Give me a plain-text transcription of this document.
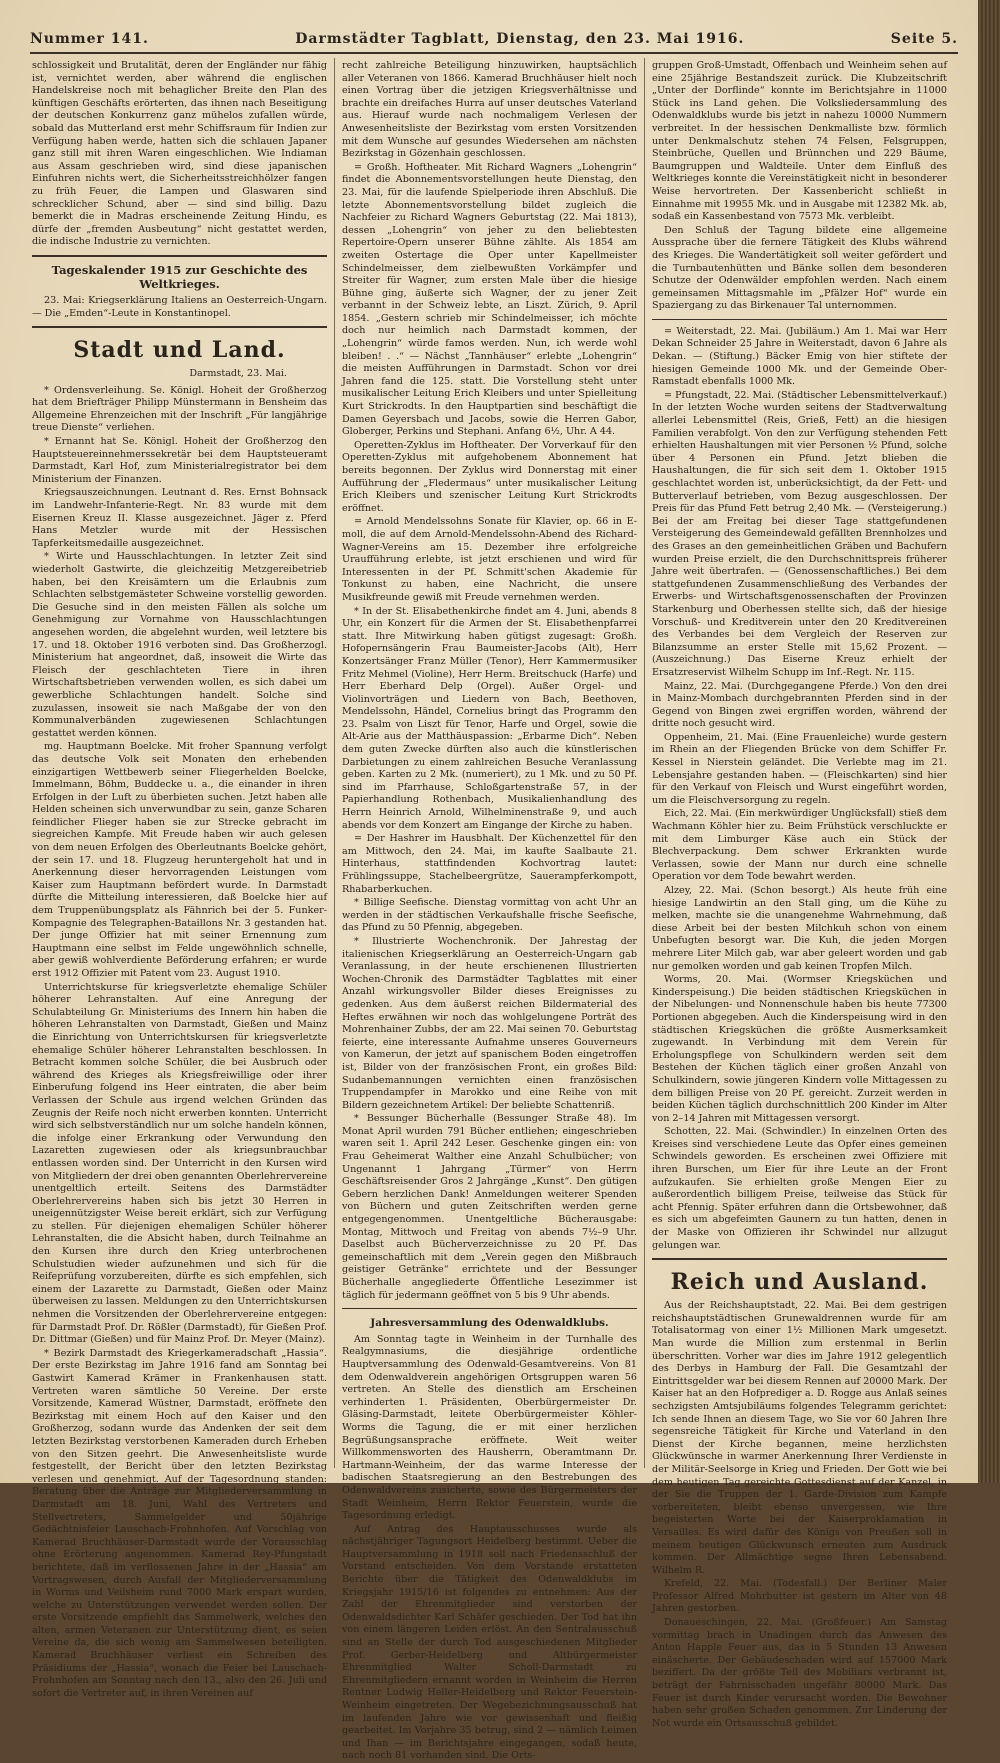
Nummer 141.	Darmstädter Tagblatt, Dienstag, den 23. Mai 1916.	Seite 5.

schlossigkeit und Brutalität, deren der Engländer nur fähig ist, vernichtet werden, aber während die englischen Handelskreise noch mit behaglicher Breite den Plan des künftigen Geschäfts erörterten, das ihnen nach Beseitigung der deutschen Konkurrenz ganz mühelos zufallen würde, sobald das Mutterland erst mehr Schiffsraum für Indien zur Verfügung haben werde, hatten sich die schlauen Japaner ganz still mit ihren Waren eingeschlichen. Wie Indiaman aus Assam geschrieben wird, sind diese japanischen Einfuhren nichts wert, die Sicherheitsstreichhölzer fangen zu früh Feuer, die Lampen und Glaswaren sind schrecklicher Schund, aber — sind sind billig. Dazu bemerkt die in Madras erscheinende Zeitung Hindu, es dürfe der „fremden Ausbeutung“ nicht gestattet werden, die indische Industrie zu vernichten.

Tageskalender 1915 zur Geschichte des Weltkrieges.

23. Mai: Kriegserklärung Italiens an Oesterreich-Ungarn. — Die „Emden“-Leute in Konstantinopel.

Stadt und Land.
Darmstadt, 23. Mai.

* Ordensverleihung. Se. Königl. Hoheit der Großherzog hat dem Briefträger Philipp Münstermann in Bensheim das Allgemeine Ehrenzeichen mit der Inschrift „Für langjährige treue Dienste“ verliehen.

* Ernannt hat Se. Königl. Hoheit der Großherzog den Hauptsteuereinnehmerssekretär bei dem Hauptsteueramt Darmstadt, Karl Hof, zum Ministerialregistrator bei dem Ministerium der Finanzen.

Kriegsauszeichnungen. Leutnant d. Res. Ernst Bohnsack im Landwehr-Infanterie-Regt. Nr. 83 wurde mit dem Eisernen Kreuz II. Klasse ausgezeichnet. Jäger z. Pferd Hans Metzler wurde mit der Hessischen Tapferkeitsmedaille ausgezeichnet.

* Wirte und Hausschlachtungen. In letzter Zeit sind wiederholt Gastwirte, die gleichzeitig Metzgereibetrieb haben, bei den Kreisämtern um die Erlaubnis zum Schlachten selbstgemästeter Schweine vorstellig geworden. Die Gesuche sind in den meisten Fällen als solche um Genehmigung zur Vornahme von Hausschlachtungen angesehen worden, die abgelehnt wurden, weil letztere bis 17. und 18. Oktober 1916 verboten sind. Das Großherzogl. Ministerium hat angeordnet, daß, insoweit die Wirte das Fleisch der geschlachteten Tiere in ihren Wirtschaftsbetrieben verwenden wollen, es sich dabei um gewerbliche Schlachtungen handelt. Solche sind zuzulassen, insoweit sie nach Maßgabe der von den Kommunalverbänden zugewiesenen Schlachtungen gestattet werden können.

mg. Hauptmann Boelcke. Mit froher Spannung verfolgt das deutsche Volk seit Monaten den erhebenden einzigartigen Wettbewerb seiner Fliegerhelden Boelcke, Immelmann, Böhm, Buddecke u. a., die einander in ihren Erfolgen in der Luft zu überbieten suchen. Jetzt haben alle Helden scheinen sich unverwundbar zu sein, ganze Scharen feindlicher Flieger haben sie zur Strecke gebracht im siegreichen Kampfe. Mit Freude haben wir auch gelesen von dem neuen Erfolgen des Oberleutnants Boelcke gehört, der sein 17. und 18. Flugzeug heruntergeholt hat und in Anerkennung dieser hervorragenden Leistungen vom Kaiser zum Hauptmann befördert wurde. In Darmstadt dürfte die Mitteilung interessieren, daß Boelcke hier auf dem Truppenübungsplatz als Fähnrich bei der 5. Funker-Kompagnie des Telegraphen-Bataillons Nr. 3 gestanden hat. Der junge Offizier hat mit seiner Ernennung zum Hauptmann eine selbst im Felde ungewöhnlich schnelle, aber gewiß wohlverdiente Beförderung erfahren; er wurde erst 1912 Offizier mit Patent vom 23. August 1910.

Unterrichtskurse für kriegsverletzte ehemalige Schüler höherer Lehranstalten. Auf eine Anregung der Schulabteilung Gr. Ministeriums des Innern hin haben die höheren Lehranstalten von Darmstadt, Gießen und Mainz die Einrichtung von Unterrichtskursen für kriegsverletzte ehemalige Schüler höherer Lehranstalten beschlossen. In Betracht kommen solche Schüler, die bei Ausbruch oder während des Krieges als Kriegsfreiwillige oder ihrer Einberufung folgend ins Heer eintraten, die aber beim Verlassen der Schule aus irgend welchen Gründen das Zeugnis der Reife noch nicht erwerben konnten. Unterricht wird sich selbstverständlich nur um solche handeln können, die infolge einer Erkrankung oder Verwundung den Lazaretten zugewiesen oder als kriegsunbrauchbar entlassen worden sind. Der Unterricht in den Kursen wird von Mitgliedern der drei oben genannten Oberlehrervereine unentgeltlich erteilt. Seitens des Darmstädter Oberlehrervereins haben sich bis jetzt 30 Herren in uneigennützigster Weise bereit erklärt, sich zur Verfügung zu stellen. Für diejenigen ehemaligen Schüler höherer Lehranstalten, die die Absicht haben, durch Teilnahme an den Kursen ihre durch den Krieg unterbrochenen Schulstudien wieder aufzunehmen und sich für die Reifeprüfung vorzubereiten, dürfte es sich empfehlen, sich einem der Lazarette zu Darmstadt, Gießen oder Mainz überweisen zu lassen. Meldungen zu den Unterrichtskursen nehmen die Vorsitzenden der Oberlehrervereine entgegen: für Darmstadt Prof. Dr. Rößler (Darmstadt), für Gießen Prof. Dr. Dittmar (Gießen) und für Mainz Prof. Dr. Meyer (Mainz).

* Bezirk Darmstadt des Kriegerkameradschaft „Hassia“. Der erste Bezirkstag im Jahre 1916 fand am Sonntag bei Gastwirt Kamerad Krämer in Frankenhausen statt. Vertreten waren sämtliche 50 Vereine. Der erste Vorsitzende, Kamerad Wüstner, Darmstadt, eröffnete den Bezirkstag mit einem Hoch auf den Kaiser und den Großherzog, sodann wurde das Andenken der seit dem letzten Bezirkstag verstorbenen Kameraden durch Erheben von den Sitzen geehrt. Die Anwesenheitsliste wurde festgestellt, der Bericht über den letzten Bezirkstag verlesen und genehmigt. Auf der Tagesordnung standen: Beratung über die Anträge zur Mitgliederversammlung in Darmstadt am 18. Juni, Wahl des Vertreters und Stellvertreters, Sammelgelder und 50jährige Gedächtnisfeier Lauschach-Frohnhofen. Auf Vorschlag von Kamerad Bruchhäuser-Darmstadt wurde der Vorausschlag ohne Erörterung angenommen. Kamerad Rey-Pfungstadt berichtete, daß im verflossenen Jahre in der „Hassia“ am Vortragswesen, durch Ausfall der Mitgliederversammlung in Worms und Veilsheim rund 7000 Mark erspart wurden, welche zu Unterstützungen verwendet werden sollen. Der erste Vorsitzende empfiehlt das Sammelwerk, welches den alten, armen Veteranen zur Unterstützung dient, es seien Vereine da, die sich wenig am Sammelwesen beteiligten. Kamerad Bruchhäuser verliest ein Schreiben des Präsidiums der „Hassia“, wonach die Feier bei Lauschach-Frohnhofen am Sonntag nach den 13., also den 26. Juli und sofort die Vertreter auf, in ihren Vereinen auf

recht zahlreiche Beteiligung hinzuwirken, hauptsächlich aller Veteranen von 1866. Kamerad Bruchhäuser hielt noch einen Vortrag über die jetzigen Kriegsverhältnisse und brachte ein dreifaches Hurra auf unser deutsches Vaterland aus. Hierauf wurde nach nochmaligem Verlesen der Anwesenheitsliste der Bezirkstag vom ersten Vorsitzenden mit dem Wunsche auf gesundes Wiedersehen am nächsten Bezirkstag in Gözenhain geschlossen.

= Großh. Hoftheater. Mit Richard Wagners „Lohengrin“ findet die Abonnementsvorstellungen heute Dienstag, den 23. Mai, für die laufende Spielperiode ihren Abschluß. Die letzte Abonnementsvorstellung bildet zugleich die Nachfeier zu Richard Wagners Geburtstag (22. Mai 1813), dessen „Lohengrin“ von jeher zu den beliebtesten Repertoire-Opern unserer Bühne zählte. Als 1854 am zweiten Ostertage die Oper unter Kapellmeister Schindelmeisser, dem zielbewußten Vorkämpfer und Streiter für Wagner, zum ersten Male über die hiesige Bühne ging, äußerte sich Wagner, der zu jener Zeit verbannt in der Schweiz lebte, an Liszt. Zürich, 9. April 1854. „Gestern schrieb mir Schindelmeisser, ich möchte doch nur heimlich nach Darmstadt kommen, der „Lohengrin“ würde famos werden. Nun, ich werde wohl bleiben! . .“ — Nächst „Tannhäuser“ erlebte „Lohengrin“ die meisten Aufführungen in Darmstadt. Schon vor drei Jahren fand die 125. statt. Die Vorstellung steht unter musikalischer Leitung Erich Kleibers und unter Spielleitung Kurt Strickrodts. In den Hauptpartien sind beschäftigt die Damen Geyersbach und Jacobs, sowie die Herren Gabor, Globerger, Perkins und Stephani. Anfang 6½, Uhr. A 44.

Operetten-Zyklus im Hoftheater. Der Vorverkauf für den Operetten-Zyklus mit aufgehobenem Abonnement hat bereits begonnen. Der Zyklus wird Donnerstag mit einer Aufführung der „Fledermaus“ unter musikalischer Leitung Erich Kleibers und szenischer Leitung Kurt Strickrodts eröffnet.

= Arnold Mendelssohns Sonate für Klavier, op. 66 in E-moll, die auf dem Arnold-Mendelssohn-Abend des Richard-Wagner-Vereins am 15. Dezember ihre erfolgreiche Uraufführung erlebte, ist jetzt erschienen und wird für Interessenten in der Pf. Schmitt'schen Akademie für Tonkunst zu haben, eine Nachricht, die unsere Musikfreunde gewiß mit Freude vernehmen werden.

* In der St. Elisabethenkirche findet am 4. Juni, abends 8 Uhr, ein Konzert für die Armen der St. Elisabethenpfarrei statt. Ihre Mitwirkung haben gütigst zugesagt: Großh. Hofopernsängerin Frau Baumeister-Jacobs (Alt), Herr Konzertsänger Franz Müller (Tenor), Herr Kammermusiker Fritz Mehmel (Violine), Herr Herm. Breitschuck (Harfe) und Herr Eberhard Delp (Orgel). Außer Orgel- und Violinvorträgen und Liedern von Bach, Beethoven, Mendelssohn, Händel, Cornelius bringt das Programm den 23. Psalm von Liszt für Tenor, Harfe und Orgel, sowie die Alt-Arie aus der Matthäuspassion: „Erbarme Dich“. Neben dem guten Zwecke dürften also auch die künstlerischen Darbietungen zu einem zahlreichen Besuche Veranlassung geben. Karten zu 2 Mk. (numeriert), zu 1 Mk. und zu 50 Pf. sind im Pfarrhause, Schloßgartenstraße 57, in der Papierhandlung Rothenbach, Musikalienhandlung des Herrn Heinrich Arnold, Wilhelminenstraße 9, und auch abends vor dem Konzert am Eingange der Kirche zu haben.

= Der Hashrer im Hausbhalt. Der Küchenzettel für den am Mittwoch, den 24. Mai, im kaufte Saalbaute 21. Hinterhaus, stattfindenden Kochvortrag lautet: Frühlingssuppe, Stachelbeergrütze, Sauerampferkompott, Rhabarberkuchen.

* Billige Seefische. Dienstag vormittag von acht Uhr an werden in der städtischen Verkaufshalle frische Seefische, das Pfund zu 50 Pfennig, abgegeben.

* Illustrierte Wochenchronik. Der Jahrestag der italienischen Kriegserklärung an Oesterreich-Ungarn gab Veranlassung, in der heute erschienenen Illustrierten Wochen-Chronik des Darmstädter Tagblattes mit einer Anzahl wirkungsvoller Bilder dieses Ereignisses zu gedenken. Aus dem äußerst reichen Bildermaterial des Heftes erwähnen wir noch das wohlgelungene Porträt des Mohrenhainer Zubbs, der am 22. Mai seinen 70. Geburtstag feierte, eine interessante Aufnahme unseres Gouverneurs von Kamerun, der jetzt auf spanischem Boden eingetroffen ist, Bilder von der französischen Front, ein großes Bild: Sudanbemannungen vernichten einen französischen Truppendampfer in Marokko und eine Reihe von mit Bildern gezeichnetem Artikel: Der beliebte Schattenriß.

* Bessunger Bücherhalle (Bessunger Straße 48). Im Monat April wurden 791 Bücher entliehen; eingeschrieben waren seit 1. April 242 Leser. Geschenke gingen ein: von Frau Geheimerat Walther eine Anzahl Schulbücher; von Ungenannt 1 Jahrgang „Türmer“ von Herrn Geschäftsreisender Gros 2 Jahrgänge „Kunst“. Den gütigen Gebern herzlichen Dank! Anmeldungen weiterer Spenden von Büchern und guten Zeitschriften werden gerne entgegengenommen. Unentgeltliche Bücherausgabe: Montag, Mittwoch und Freitag von abends 7½–9 Uhr. Daselbst auch Bücherverzeichnisse zu 20 Pf. Das gemeinschaftlich mit dem „Verein gegen den Mißbrauch geistiger Getränke“ errichtete und der Bessunger Bücherhalle angegliederte Öffentliche Lesezimmer ist täglich für jedermann geöffnet von 5 bis 9 Uhr abends.

Jahresversammlung des Odenwaldklubs.

Am Sonntag tagte in Weinheim in der Turnhalle des Realgymnasiums, die diesjährige ordentliche Hauptversammlung des Odenwald-Gesamtvereins. Von 81 dem Odenwaldverein angehörigen Ortsgruppen waren 56 vertreten. An Stelle des dienstlich am Erscheinen verhinderten 1. Präsidenten, Oberbürgermeister Dr. Gläsing-Darmstadt, leitete Oberbürgermeister Köhler-Worms die Tagung, die er mit einer herzlichen Begrüßungsansprache eröffnete. Weit weiter Willkommensworten des Hausherrn, Oberamtmann Dr. Hartmann-Weinheim, der das warme Interesse der badischen Staatsregierung an den Bestrebungen des Odenwaldvereins zusicherte, sowie des Bürgermeisters der Stadt Weinheim, Herrn Rektor Feuerstein, wurde die Tagesordnung erledigt.

Auf Antrag des Hauptausschusses wurde als nächstjähriger Tagungsort Heidelberg bestimmt. Ueber die Hauptversammlung in 1918 soll nach Friedensschluß der Vorstand entscheiden. Von dem Vorstande erstatteten Berichte über die Tätigkeit des Odenwaldklubs im Kriegsjahr 1915/16 ist folgendes zu entnehmen: Aus der Zahl der Ehrenmitglieder sind verstorben der Odenwaldsdichter Karl Schäfer geschieden. Der Tod hat ihn von einem längeren Leiden erlöst. An den Sentralausschuß sind an Stelle der durch Tod ausgeschiedenen Mitglieder Prof. Gerber-Heidelberg und Altbürgermeister Ehrenmitglied Walter Scholl-Darmstadt zu Ehrenmitgliedern ernannt worden in Weinheim die Herren Rentner Ludwig Heller-Heidelberg und Rektor Feuerstein-Weinheim eingetreten. Der Wegebezichnungsausschuß hat im laufenden Jahre wie vor gewissenhaft und fleißig gearbeitet. Im Vorjahre 35 betrug, sind 2 — nämlich Leimen und Ihan — im Berichtsjahre eingegangen, sodaß heute, nach noch 81 vorhanden sind. Die Orts-

gruppen Groß-Umstadt, Offenbach und Weinheim sehen auf eine 25jährige Bestandszeit zurück. Die Klubzeitschrift „Unter der Dorflinde“ konnte im Berichtsjahre in 11000 Stück ins Land gehen. Die Volksliedersammlung des Odenwaldklubs wurde bis jetzt in nahezu 10000 Nummern verbreitet. In der hessischen Denkmalliste bzw. förmlich unter Denkmalschutz stehen 74 Felsen, Felsgruppen, Steinbrüche, Quellen und Brünnchen und 229 Bäume, Baumgruppen und Waldteile. Unter dem Einfluß des Weltkrieges konnte die Vereinstätigkeit nicht in besonderer Weise hervortreten. Der Kassenbericht schließt in Einnahme mit 19955 Mk. und in Ausgabe mit 12382 Mk. ab, sodaß ein Kassenbestand von 7573 Mk. verbleibt.

Den Schluß der Tagung bildete eine allgemeine Aussprache über die fernere Tätigkeit des Klubs während des Krieges. Die Wandertätigkeit soll weiter gefördert und die Turnbautenhütten und Bänke sollen dem besonderen Schutze der Odenwälder empfohlen werden. Nach einem gemeinsamen Mittagsmahle im „Pfälzer Hof“ wurde ein Spaziergang zu das Birkenauer Tal unternommen.

= Weiterstadt, 22. Mai. (Jubiläum.) Am 1. Mai war Herr Dekan Schneider 25 Jahre in Weiterstadt, davon 6 Jahre als Dekan. — (Stiftung.) Bäcker Emig von hier stiftete der hiesigen Gemeinde 1000 Mk. und der Gemeinde Ober-Ramstadt ebenfalls 1000 Mk.

= Pfungstadt, 22. Mai. (Städtischer Lebensmittelverkauf.) In der letzten Woche wurden seitens der Stadtverwaltung allerlei Lebensmittel (Reis, Grieß, Fett) an die hiesigen Familien verabfolgt. Von den zur Verfügung stehenden Fett erhielten Haushaltungen mit vier Personen ½ Pfund, solche über 4 Personen ein Pfund. Jetzt blieben die Haushaltungen, die für sich seit dem 1. Oktober 1915 geschlachtet worden ist, unberücksichtigt, da der Fett- und Butterverlauf betrieben, vom Bezug ausgeschlossen. Der Preis für das Pfund Fett betrug 2,40 Mk. — (Versteigerung.) Bei der am Freitag bei dieser Tage stattgefundenen Versteigerung des Gemeindewald gefällten Brennholzes und des Grases an den gemeinheitlichen Gräben und Bachufern wurden Preise erzielt, die den Durchschnittspreis früherer Jahre weit übertrafen. — (Genossenschaftliches.) Bei dem stattgefundenen Zusammenschließung des Verbandes der Erwerbs- und Wirtschaftsgenossenschaften der Provinzen Starkenburg und Oberhessen stellte sich, daß der hiesige Vorschuß- und Kreditverein unter den 20 Kreditvereinen des Verbandes bei dem Vergleich der Reserven zur Bilanzsumme an erster Stelle mit 15,62 Prozent. — (Auszeichnung.) Das Eiserne Kreuz erhielt der Ersatzreservist Wilhelm Schupp im Inf.-Regt. Nr. 115.

Mainz, 22. Mai. (Durchgegangene Pferde.) Von den drei in Mainz-Mombach durchgebrannten Pferden sind in der Gegend von Bingen zwei ergriffen worden, während der dritte noch gesucht wird.

Oppenheim, 21. Mai. (Eine Frauenleiche) wurde gestern im Rhein an der Fliegenden Brücke von dem Schiffer Fr. Kessel in Nierstein geländet. Die Verlebte mag im 21. Lebensjahre gestanden haben. — (Fleischkarten) sind hier für den Verkauf von Fleisch und Wurst eingeführt worden, um die Fleischversorgung zu regeln.

Eich, 22. Mai. (Ein merkwürdiger Unglücksfall) stieß dem Wachmann Köhler hier zu. Beim Frühstück verschluckte er mit dem Limburger Käse auch ein Stück der Blechverpackung. Dem schwer Erkrankten wurde Verlassen, sowie der Mann nur durch eine schnelle Operation vor dem Tode bewahrt werden.

Alzey, 22. Mai. (Schon besorgt.) Als heute früh eine hiesige Landwirtin an den Stall ging, um die Kühe zu melken, machte sie die unangenehme Wahrnehmung, daß diese Arbeit bei der besten Milchkuh schon von einem Unbefugten besorgt war. Die Kuh, die jeden Morgen mehrere Liter Milch gab, war aber geleert worden und gab nur gemolken worden und gab keinen Tropfen Milch.

Worms, 20. Mai. (Wormser Kriegsküchen und Kinderspeisung.) Die beiden städtischen Kriegsküchen in der Nibelungen- und Nonnenschule haben bis heute 77300 Portionen abgegeben. Auch die Kinderspeisung wird in den städtischen Kriegsküchen die größte Ausmerksamkeit zugewandt. In Verbindung mit dem Verein für Erholungspflege von Schulkindern werden seit dem Bestehen der Küchen täglich einer großen Anzahl von Schulkindern, sowie jüngeren Kindern volle Mittagessen zu dem billigen Preise von 20 Pf. gereicht. Zurzeit werden in beiden Küchen täglich durchschnittlich 200 Kinder im Alter von 2–14 Jahren mit Mittagessen versorgt.

Schotten, 22. Mai. (Schwindler.) In einzelnen Orten des Kreises sind verschiedene Leute das Opfer eines gemeinen Schwindels geworden. Es erscheinen zwei Offiziere mit ihren Burschen, um Eier für ihre Leute an der Front aufzukaufen. Sie erhielten große Mengen Eier zu außerordentlich billigem Preise, teilweise das Stück für acht Pfennig. Später erfuhren dann die Ortsbewohner, daß es sich um abgefeimten Gaunern zu tun hatten, denen in der Maske von Offizieren ihr Schwindel nur allzugut gelungen war.

Reich und Ausland.

Aus der Reichshauptstadt, 22. Mai. Bei dem gestrigen reichshauptstädtischen Grunewaldrennen wurde für am Totalisatormag von einer 1½ Millionen Mark umgesetzt. Man wurde die Million zum erstenmal in Berlin überschritten. Vorher war dies im Jahre 1912 gelegentlich des Derbys in Hamburg der Fall. Die Gesamtzahl der Eintrittsgelder war bei diesem Rennen auf 20000 Mark. Der Kaiser hat an den Hofprediger a. D. Rogge aus Anlaß seines sechzigsten Amtsjubiläums folgendes Telegramm gerichtet: Ich sende Ihnen an diesem Tage, wo Sie vor 60 Jahren Ihre segensreiche Tätigkeit für Kirche und Vaterland in den Dienst der Kirche begannen, meine herzlichsten Glückwünsche in warmer Anerkennung Ihrer Verdienste in der Militär-Seelsorge in Krieg und Frieden. Der Gott wie bei dem heutigen Tag gereichte Gottesdienst auf der Kanzel, in der Sie die Truppen der 1. Garde-Division zum Kampfe vorbereiteten, bleibt ebenso unvergessen, wie Ihre begeisterten Worte bei der Kaiserproklamation in Versailles. Es wird dafür des Königs von Preußen soll in meinem heutigen Glückwunsch erneuten zum Ausdruck kommen. Der Allmächtige segne Ihren Lebensabend. Wilhelm R.

Krefeld, 22. Mai. (Todesfall.) Der Berliner Maler Professor Alfred Mohrbutter ist gestern im Alter von 48 Jahren gestorben.

Donaueschingen, 22. Mai. (Großfeuer.) Am Samstag vormittag brach in Unadingen durch das Anwesen des Anton Happle Feuer aus, das in 5 Stunden 13 Anwesen einäscherte. Der Gebäudeschaden wird auf 157000 Mark beziffert. Da der größte Teil des Mobiliars verbrannt ist, beträgt der Fahrnisschaden ungefähr 80000 Mark. Das Feuer ist durch Kinder verursacht worden. Die Bewohner haben sehr großen Schaden genommen. Zur Linderung der Not wurde ein Ortsausschuß gebildet.
